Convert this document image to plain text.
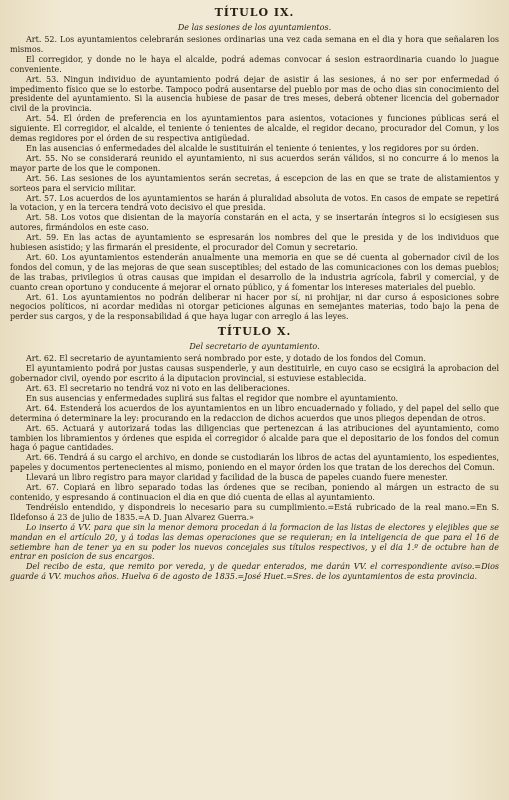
TÍTULO IX.
De las sesiones de los ayuntamientos.

Art. 52. Los ayuntamientos celebrarán sesiones ordinarias una vez cada semana en el dia y hora que señalaren los mismos.

El corregidor, y donde no le haya el alcalde, podrá ademas convocar á sesion estraordinaria cuando lo juague conveniente.

Art. 53. Ningun individuo de ayuntamiento podrá dejar de asistir á las sesiones, á no ser por enfermedad ó impedimento físico que se lo estorbe. Tampoco podrá ausentarse del pueblo por mas de ocho dias sin conocimiento del presidente del ayuntamiento. Si la ausencia hubiese de pasar de tres meses, deberá obtener licencia del gobernador civil de la provincia.

Art. 54. El órden de preferencia en los ayuntamientos para asientos, votaciones y funciones públicas será el siguiente. El corregidor, el alcalde, el teniente ó tenientes de alcalde, el regidor decano, procurador del Comun, y los demas regidores por el órden de su respectiva antigüedad.

En las ausencias ó enfermedades del alcalde le sustituirán el teniente ó tenientes, y los regidores por su órden.

Art. 55. No se considerará reunido el ayuntamiento, ni sus acuerdos serán válidos, si no concurre á lo menos la mayor parte de los que le componen.

Art. 56. Las sesiones de los ayuntamientos serán secretas, á escepcion de las en que se trate de alistamientos y sorteos para el servicio militar.

Art. 57. Los acuerdos de los ayuntamientos se harán á pluralidad absoluta de votos. En casos de empate se repetirá la votacion, y en la tercera tendrá voto decisivo el que presida.

Art. 58. Los votos que disientan de la mayoría constarán en el acta, y se insertarán íntegros si lo ecsigiesen sus autores, firmándolos en este caso.

Art. 59. En las actas de ayuntamiento se espresarán los nombres del que le presida y de los individuos que hubiesen asistido; y las firmarán el presidente, el procurador del Comun y secretario.

Art. 60. Los ayuntamientos estenderán anualmente una memoria en que se dé cuenta al gobernador civil de los fondos del comun, y de las mejoras de que sean susceptibles; del estado de las comunicaciones con los demas pueblos; de las trabas, privilegios ú otras causas que impidan el desarrollo de la industria agrícola, fabril y comercial, y de cuanto crean oportuno y conducente á mejorar el ornato público, y á fomentar los intereses materiales del pueblo.

Art. 61. Los ayuntamientos no podrán deliberar ni hacer por sí, ni prohijar, ni dar curso á esposiciones sobre negocios políticos, ni acordar medidas ni otorgar peticiones algunas en semejantes materias, todo bajo la pena de perder sus cargos, y de la responsabilidad á que haya lugar con arreglo á las leyes.

TÍTULO X.
Del secretario de ayuntamiento.

Art. 62. El secretario de ayuntamiento será nombrado por este, y dotado de los fondos del Comun.

El ayuntamiento podrá por justas causas suspenderle, y aun destituirle, en cuyo caso se ecsigirá la aprobacion del gobernador civil, oyendo por escrito á la diputacion provincial, si estuviese establecida.

Art. 63. El secretario no tendrá voz ni voto en las deliberaciones.

En sus ausencias y enfermedades suplirá sus faltas el regidor que nombre el ayuntamiento.

Art. 64. Estenderá los acuerdos de los ayuntamientos en un libro encuadernado y foliado, y del papel del sello que determina ó determinare la ley: procurando en la redaccion de dichos acuerdos que unos pliegos dependan de otros.

Art. 65. Actuará y autorizará todas las diligencias que pertenezcan á las atribuciones del ayuntamiento, como tambien los libramientos y órdenes que espida el corregidor ó alcalde para que el depositario de los fondos del comun haga ó pague cantidades.

Art. 66. Tendrá á su cargo el archivo, en donde se custodiarán los libros de actas del ayuntamiento, los espedientes, papeles y documentos pertenecientes al mismo, poniendo en el mayor órden los que tratan de los derechos del Comun.

Llevará un libro registro para mayor claridad y facilidad de la busca de papeles cuando fuere menester.

Art. 67. Copiará en libro separado todas las órdenes que se reciban, poniendo al márgen un estracto de su contenido, y espresando á continuacion el dia en que dió cuenta de ellas al ayuntamiento.

Tendréislo entendido, y dispondreis lo necesario para su cumplimiento.=Está rubricado de la real mano.=En S. Ildefonso á 23 de julio de 1835.=A D. Juan Alvarez Guerra.»

Lo inserto á VV. para que sin la menor demora procedan á la formacion de las listas de electores y elejibles que se mandan en el artículo 20, y á todas las demas operaciones que se requieran; en la inteligencia de que para el 16 de setiembre han de tener ya en su poder los nuevos concejales sus títulos respectivos, y el dia 1.º de octubre han de entrar en posicion de sus encargos.

Del recibo de esta, que remito por vereda, y de quedar enterados, me darán VV. el correspondiente aviso.=Dios guarde á VV. muchos años. Huelva 6 de agosto de 1835.=José Huet.=Sres. de los ayuntamientos de esta provincia.
